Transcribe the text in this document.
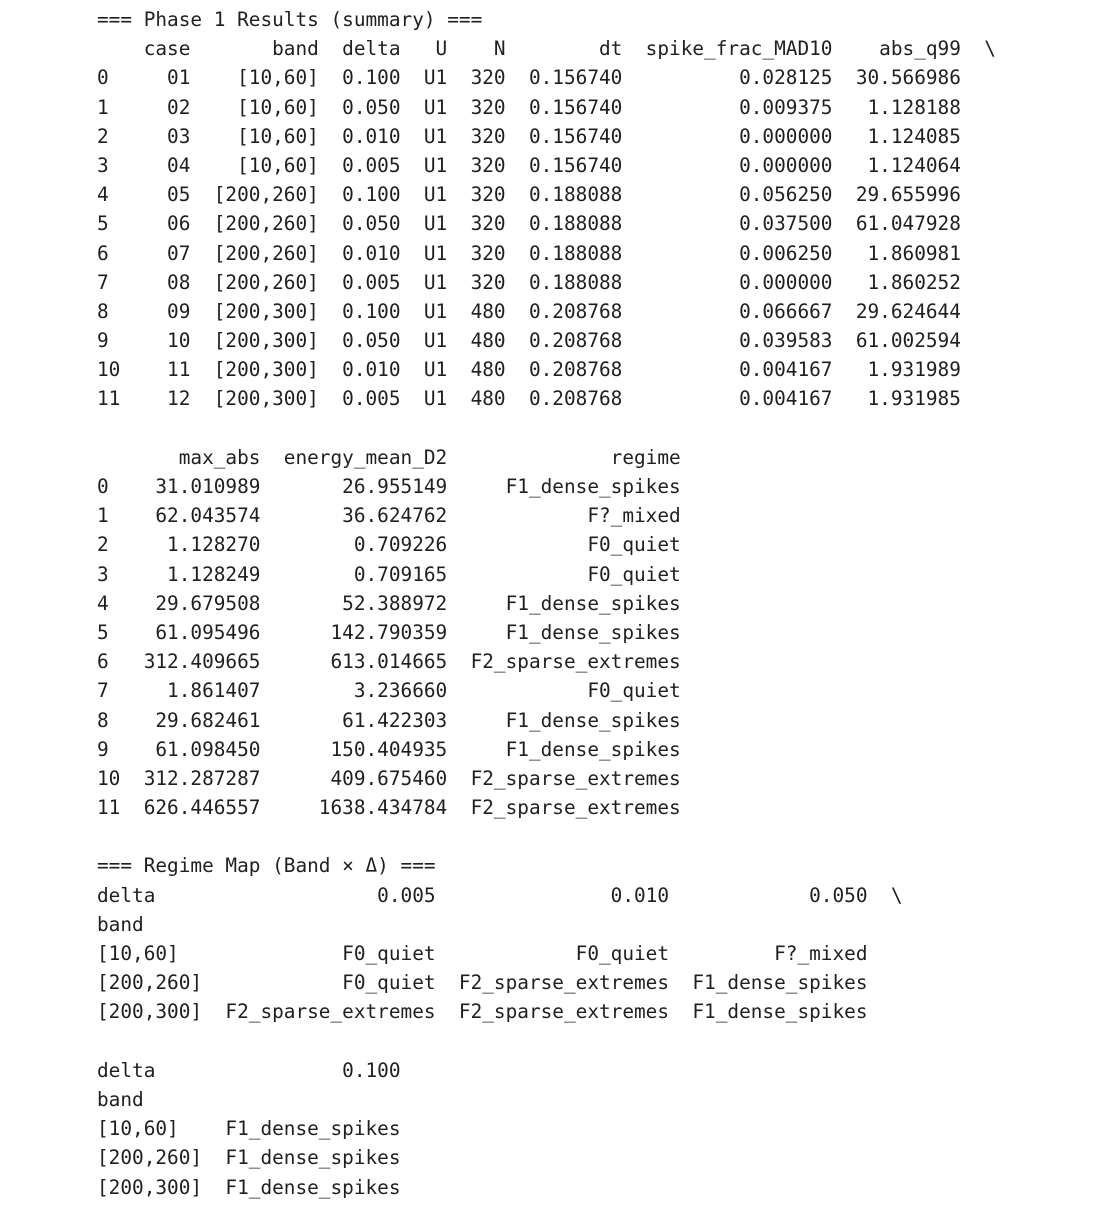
=== Phase 1 Results (summary) ===
case       band  delta   U    N        dt  spike_frac_MAD10    abs_q99  \
0     01    [10,60]  0.100  U1  320  0.156740          0.028125  30.566986
1     02    [10,60]  0.050  U1  320  0.156740          0.009375   1.128188
2     03    [10,60]  0.010  U1  320  0.156740          0.000000   1.124085
3     04    [10,60]  0.005  U1  320  0.156740          0.000000   1.124064
4     05  [200,260]  0.100  U1  320  0.188088          0.056250  29.655996
5     06  [200,260]  0.050  U1  320  0.188088          0.037500  61.047928
6     07  [200,260]  0.010  U1  320  0.188088          0.006250   1.860981
7     08  [200,260]  0.005  U1  320  0.188088          0.000000   1.860252
8     09  [200,300]  0.100  U1  480  0.208768          0.066667  29.624644
9     10  [200,300]  0.050  U1  480  0.208768          0.039583  61.002594
10    11  [200,300]  0.010  U1  480  0.208768          0.004167   1.931989
11    12  [200,300]  0.005  U1  480  0.208768          0.004167   1.931985

max_abs  energy_mean_D2              regime
0    31.010989       26.955149     F1_dense_spikes
1    62.043574       36.624762            F?_mixed
2     1.128270        0.709226            F0_quiet
3     1.128249        0.709165            F0_quiet
4    29.679508       52.388972     F1_dense_spikes
5    61.095496      142.790359     F1_dense_spikes
6   312.409665      613.014665  F2_sparse_extremes
7     1.861407        3.236660            F0_quiet
8    29.682461       61.422303     F1_dense_spikes
9    61.098450      150.404935     F1_dense_spikes
10  312.287287      409.675460  F2_sparse_extremes
11  626.446557     1638.434784  F2_sparse_extremes

=== Regime Map (Band × Δ) ===
delta                   0.005               0.010            0.050  \
band
[10,60]              F0_quiet            F0_quiet         F?_mixed
[200,260]            F0_quiet  F2_sparse_extremes  F1_dense_spikes
[200,300]  F2_sparse_extremes  F2_sparse_extremes  F1_dense_spikes

delta                0.100
band
[10,60]    F1_dense_spikes
[200,260]  F1_dense_spikes
[200,300]  F1_dense_spikes
